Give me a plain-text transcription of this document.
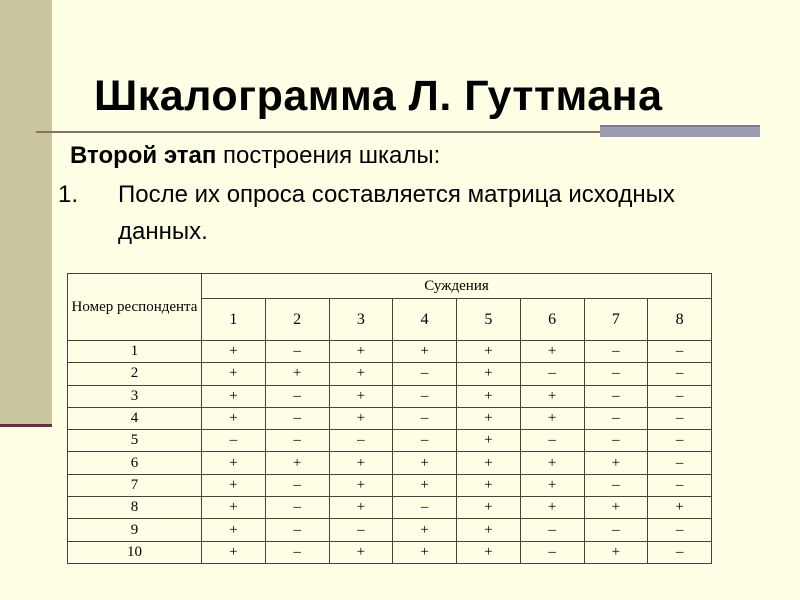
Шкалограмма Л. Гуттмана
Второй этап построения шкалы:
1. После их опроса составляется матрица исходных данных.
Номер респондента	Суждения							
	1	2	3	4	5	6	7	8
1	+	–	+	+	+	+	–	–
2	+	+	+	–	+	–	–	–
3	+	–	+	–	+	+	–	–
4	+	–	+	–	+	+	–	–
5	–	–	–	–	+	–	–	–
6	+	+	+	+	+	+	+	–
7	+	–	+	+	+	+	–	–
8	+	–	+	–	+	+	+	+
9	+	–	–	+	+	–	–	–
10	+	–	+	+	+	–	+	–
